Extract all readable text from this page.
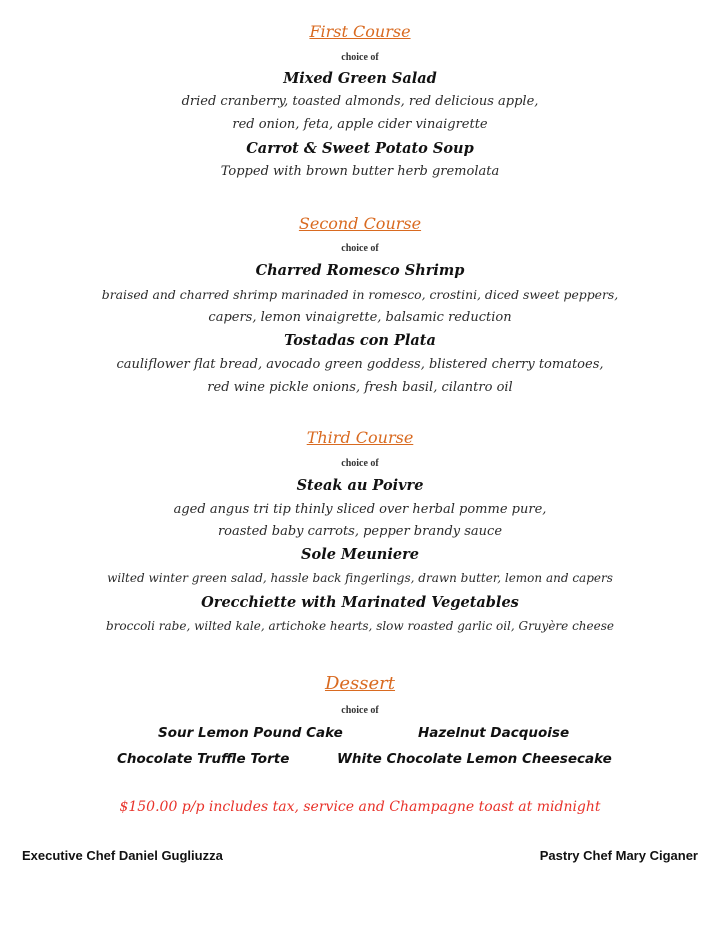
First Course
choice of
Mixed Green Salad
dried cranberry, toasted almonds, red delicious apple,
red onion, feta, apple cider vinaigrette
Carrot & Sweet Potato Soup
Topped with brown butter herb gremolata
Second Course
choice of
Charred Romesco Shrimp
braised and charred shrimp marinaded in romesco, crostini, diced sweet peppers,
capers, lemon vinaigrette, balsamic reduction
Tostadas con Plata
cauliflower flat bread, avocado green goddess, blistered cherry tomatoes,
red wine pickle onions, fresh basil, cilantro oil
Third Course
choice of
Steak au Poivre
aged angus tri tip thinly sliced over herbal pomme pure,
roasted baby carrots, pepper brandy sauce
Sole Meuniere
wilted winter green salad, hassle back fingerlings, drawn butter, lemon and capers
Orecchiette with Marinated Vegetables
broccoli rabe, wilted kale, artichoke hearts, slow roasted garlic oil, Gruyère cheese
Dessert
choice of
Sour Lemon Pound Cake	Hazelnut Dacquoise
Chocolate Truffle Torte	White Chocolate Lemon Cheesecake
$150.00 p/p includes tax, service and Champagne toast at midnight
Executive Chef Daniel Gugliuzza	Pastry Chef Mary Ciganer
